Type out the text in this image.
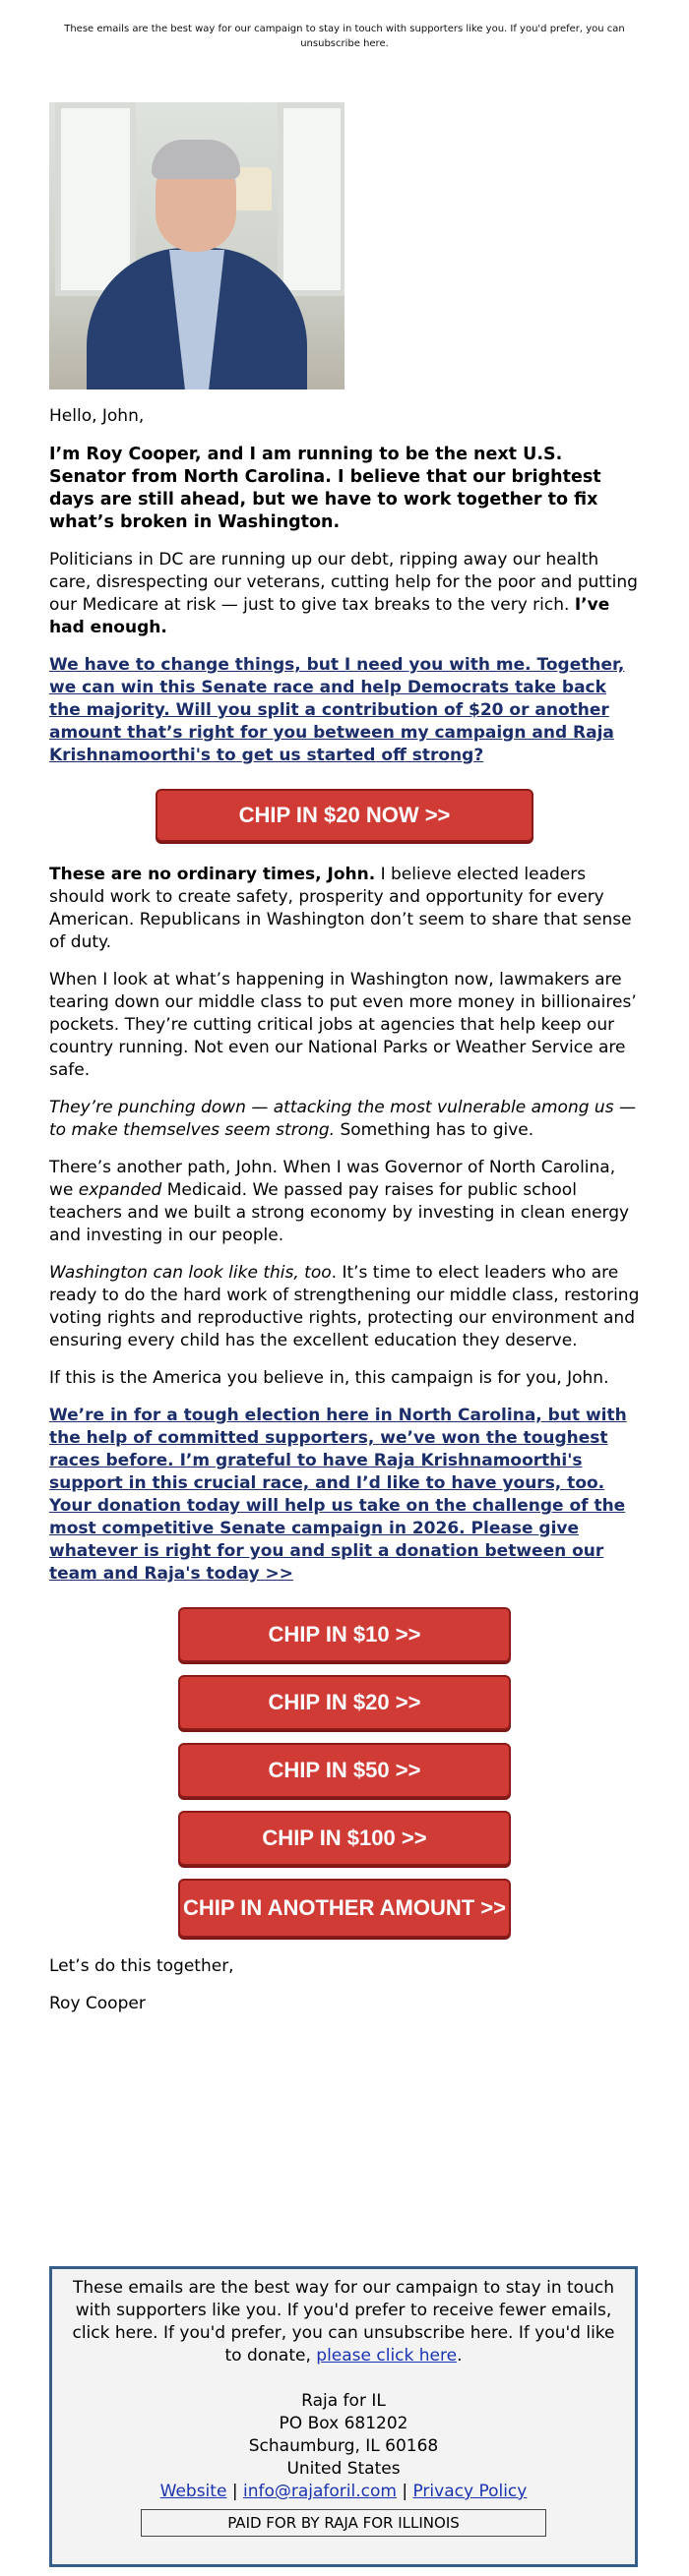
These emails are the best way for our campaign to stay in touch with supporters like you. If you'd prefer, you can unsubscribe here.

Hello, John,

I’m Roy Cooper, and I am running to be the next U.S. Senator from North Carolina. I believe that our brightest days are still ahead, but we have to work together to fix what’s broken in Washington.

Politicians in DC are running up our debt, ripping away our health care, disrespecting our veterans, cutting help for the poor and putting our Medicare at risk — just to give tax breaks to the very rich. I’ve had enough.

We have to change things, but I need you with me. Together, we can win this Senate race and help Democrats take back the majority. Will you split a contribution of $20 or another amount that’s right for you between my campaign and Raja Krishnamoorthi's to get us started off strong?

CHIP IN $20 NOW >>

These are no ordinary times, John. I believe elected leaders should work to create safety, prosperity and opportunity for every American. Republicans in Washington don’t seem to share that sense of duty.

When I look at what’s happening in Washington now, lawmakers are tearing down our middle class to put even more money in billionaires’ pockets. They’re cutting critical jobs at agencies that help keep our country running. Not even our National Parks or Weather Service are safe.

They’re punching down — attacking the most vulnerable among us — to make themselves seem strong. Something has to give.

There’s another path, John. When I was Governor of North Carolina, we expanded Medicaid. We passed pay raises for public school teachers and we built a strong economy by investing in clean energy and investing in our people.

Washington can look like this, too. It’s time to elect leaders who are ready to do the hard work of strengthening our middle class, restoring voting rights and reproductive rights, protecting our environment and ensuring every child has the excellent education they deserve.

If this is the America you believe in, this campaign is for you, John.

We’re in for a tough election here in North Carolina, but with the help of committed supporters, we’ve won the toughest races before. I’m grateful to have Raja Krishnamoorthi's support in this crucial race, and I’d like to have yours, too. Your donation today will help us take on the challenge of the most competitive Senate campaign in 2026. Please give whatever is right for you and split a donation between our team and Raja's today >>

CHIP IN $10 >>
CHIP IN $20 >>
CHIP IN $50 >>
CHIP IN $100 >>
CHIP IN ANOTHER AMOUNT >>

Let’s do this together,

Roy Cooper

These emails are the best way for our campaign to stay in touch with supporters like you. If you'd prefer to receive fewer emails, click here. If you'd prefer, you can unsubscribe here. If you'd like to donate, please click here.
Raja for IL
PO Box 681202
Schaumburg, IL 60168
United States
Website | info@rajaforil.com | Privacy Policy
PAID FOR BY RAJA FOR ILLINOIS
